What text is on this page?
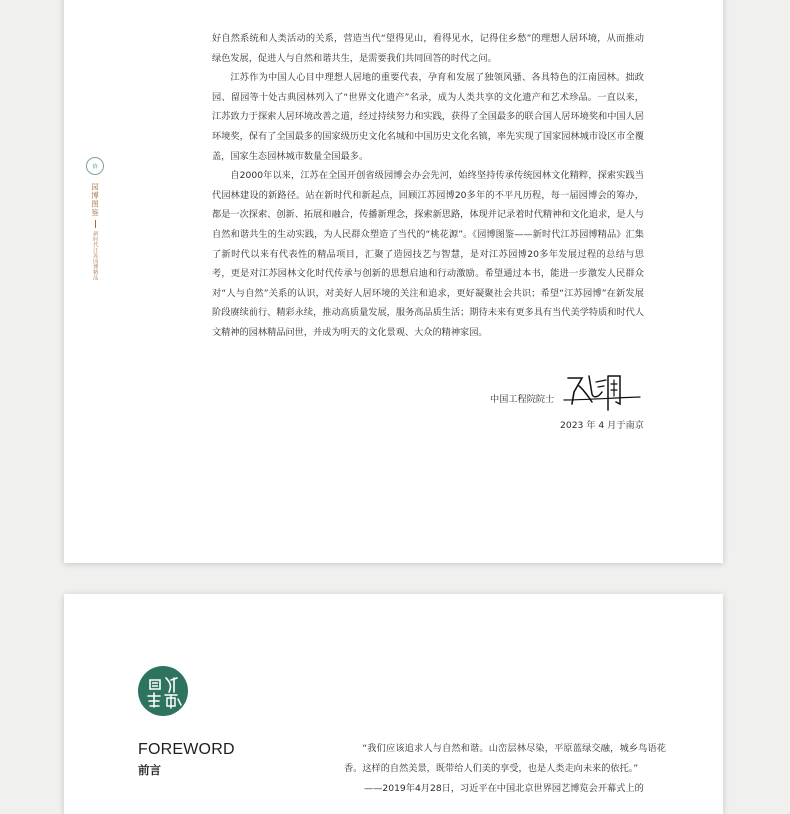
拾
园博图鉴
新时代江苏园博精品

好自然系统和人类活动的关系，营造当代“望得见山，看得见水，记得住乡愁”的理想人居环境，从而推动绿色发展，促进人与自然和谐共生，是需要我们共同回答的时代之问。

江苏作为中国人心目中理想人居地的重要代表，孕育和发展了独领风骚、各具特色的江南园林。拙政园、留园等十处古典园林列入了“世界文化遗产”名录，成为人类共享的文化遗产和艺术珍品。一直以来，江苏致力于探索人居环境改善之道，经过持续努力和实践，获得了全国最多的联合国人居环境奖和中国人居环境奖，保有了全国最多的国家级历史文化名城和中国历史文化名镇，率先实现了国家园林城市设区市全覆盖，国家生态园林城市数量全国最多。

自2000年以来，江苏在全国开创省级园博会办会先河，始终坚持传承传统园林文化精粹，探索实践当代园林建设的新路径。站在新时代和新起点，回顾江苏园博20多年的不平凡历程，每一届园博会的筹办，都是一次探索、创新、拓展和融合，传播新理念，探索新思路，体现并记录着时代精神和文化追求，是人与自然和谐共生的生动实践，为人民群众塑造了当代的“桃花源”。《园博图鉴——新时代江苏园博精品》汇集了新时代以来有代表性的精品项目，汇聚了造园技艺与智慧，是对江苏园博20多年发展过程的总结与思考，更是对江苏园林文化时代传承与创新的思想启迪和行动激励。希望通过本书，能进一步激发人民群众对“人与自然”关系的认识，对美好人居环境的关注和追求，更好凝聚社会共识；希望“江苏园博”在新发展阶段赓续前行、精彩永续，推动高质量发展，服务高品质生活；期待未来有更多具有当代美学特质和时代人文精神的园林精品问世，并成为明天的文化景观、大众的精神家园。

中国工程院院士
2023 年 4 月于南京
FOREWORD
前言

“我们应该追求人与自然和谐。山峦层林尽染，平原蓝绿交融，城乡鸟语花香。这样的自然美景，既带给人们美的享受，也是人类走向未来的依托。”

——2019年4月28日，习近平在中国北京世界园艺博览会开幕式上的
